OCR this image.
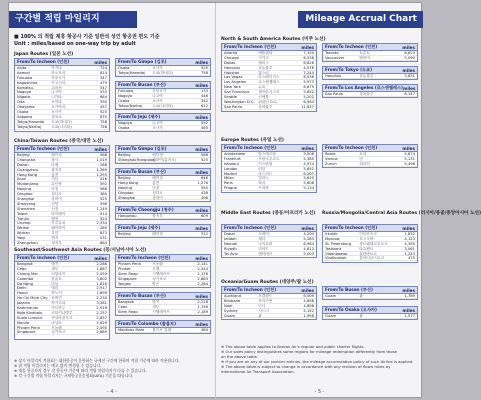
구간별 적립 마일리지
■ 100% 의 적립 제휴 항공사 기준 일반석 성인 항공권 편도 기준
Unit : miles/based on one-way trip by adult
Japan Routes (일본 노선)
China/Taiwan Routes (중국/대만 노선)
Southeast/Southwest Asia Routes (동/서남아시아 노선)
From/To Incheon (인천)	miles
Akita	아키타	724
Aomori	아오모리	814
Fukuoka	후쿠오카	347
Kagoshima	가고시마	479
Komatsu	고마쓰	547
Nagoya	나고야	533
Niigata	니가타	684
Oita	오이타	390
Okayama	오카야마	457
Osaka	오사카	525
Sapporo	삿포로	870
Tokyo(Haneda)	도쿄(하네다)	758
Tokyo(Narita)	도쿄(나리타)	758
From/To Gimpo (김포)	miles
Osaka	오사카	525
Tokyo(Haneda)	도쿄(하네다)	758
From/To Busan (부산)	miles
Fukuoka	후쿠오카	133
Nagoya	나고야	446
Osaka	오사카	342
Tokyo(Narita)	도쿄(나리타)	612
From/To Jeju (제주)	miles
Nagoya	나고야	552
Osaka	오사카	465
From/To Incheon (인천)	miles
Beijing	베이징	568
Changsha	창사	1,019
Dalian	다롄	288
Guangzhou	광저우	1,269
Hong Kong	홍콩	1,293
Jinan	지난	416
Mudanjiang	무단장	592
Nanjing	난징	568
Qingdao	칭다오	360
Shanghai	상하이	525
Shenyang	선양	398
Shenzhen	선전	1,249
Taipei	타이베이	914
Tianjin	톈진	524
Urumqi	우루무치	2,534
Weihai	웨이하이	289
Wuhan	우한	873
Yanji	옌지	531
Zhengzhou	정저우	664
From/To Incheon (인천)	miles
Bangkok	방콕	2,286
Cebu	세부	1,667
Chiang Mai	치앙마이	2,059
Colombo	콜롬보	3,802
Da Nang	다낭	1,816
Delhi	델리	2,917
Hanoi	하노이	1,699
Ho Chi Minh City 호찌민	2,230
Jakarta	자카르타	3,281
Kathmandu	카트만두	2,918
Kota Kinabalu	코타키나발루	2,257
Kuala Lumpur	쿠알라룸푸르	2,857
Manila	마닐라	1,629
Phnom Penh	프놈펜	2,095
Singapore	싱가포르	2,889
From/To Gimpo (김포)	miles
Beijing	베이징	568
Shanghai(Hongqiao)
상하이(훙차오)	525
From/To Busan (부산)	miles
Beijing	베이징	646
Hong Kong	홍콩	1,276
Nanjing	난징	550
Qingdao	칭다오	438
Shanghai	상하이	496
From/To Cheongju (청주)	miles
Hangzhou	항저우	609
From/To Jeju (제주)	miles
Beijing	베이징	712
From/To Incheon (인천)	miles
Phnom Penh	프놈펜	2,141
Phuket	푸껫	2,544
Siem Reap	시엠레아프	2,176
Singapore	싱가포르	2,883
Yangon	양곤	2,284
From/To Busan (부산)	miles
Bangkok	방콕	2,218
Cebu	세부	1,746
Siem Reap	시엠레아프	2,189
From/To Colombo (콜롬보)	miles
Maldives Male	몰디브 말레	484
※ 상기 마일리지 적립표는 대한항공이 운항하는 국제선 구간에 한하며 적립 기준에 따라 적용됩니다.
※ 위 적립 마일리지는 예고 없이 변경될 수 있습니다.
※ 제휴 항공사의 경우 각 항공사 기준에 따라 적립 마일리지가 다를 수 있습니다.
※ 각 구간별 적립 마일리지는 국제항공운송협회(IATA) 기준을 따릅니다.
- 4 -
Mileage Accrual Chart
North & South America Routes (미주 노선)
Europe Routes (유럽 노선)
Middle East Routes (중동/아프리카 노선)	Russia/Mongolia/Central Asia Routes (러시아/몽골/중앙아시아 노선)
Oceania/Guam Routes (대양주/괌 노선)
From/To Incheon (인천)	miles
Atlanta	애틀랜타	7,150
Chicago	시카고	6,538
Dallas	댈러스	6,826
Honolulu	호놀룰루	4,578
Houston	휴스턴	7,244
Las Vegas	라스베이거스	6,036
Los Angeles	로스앤젤레스	5,973
New York	뉴욕	6,879
San Francisco	샌프란시스코	5,652
Seattle	시애틀	5,202
Washington D.C. 워싱턴 D.C.	6,964
Sao Paulo	상파울루	11,637
From/To Incheon (인천)	miles
Toronto	토론토	6,623
Vancouver	밴쿠버	5,090
From/To Tokyo (도쿄)	miles
Honolulu	호놀룰루	3,831
From/To Los Angeles (로스앤젤레스) miles
Sao Paulo	상파울루	6,147
From/To Incheon (인천)	miles
Amsterdam	암스테르담	5,506
Frankfurt	프랑크푸르트	5,385
Istanbul	이스탄불	4,974
London	런던	5,652
Madrid	마드리드	6,207
Milan	밀라노	5,620
Paris	파리	5,608
Prague	프라하	5,134
From/To Incheon (인천)	miles
Rome	로마	5,874
Vienna	빈	5,131
Zurich	취리히	5,496
From/To Incheon (인천)	miles
Dubai	두바이	4,204
Jeddah	제다	5,283
Nairobi	나이로비	6,964
Riyadh	리야드	4,812
Tel Aviv	텔아비브	5,003
From/To Incheon (인천)	miles
Irkutsk	이르쿠츠크	1,832
Moscow	모스크바	4,123
St. Petersburg	상트페테르부르크	4,395
Tashkent	타슈켄트	3,061
Ulaanbaatar	울란바토르	1,243
Vladivostok	블라디보스토크	475
From/To Incheon (인천)	miles
Auckland	오클랜드	6,009
Brisbane	브리즈번	4,898
Nadi	난디	4,898
Sydney	시드니	5,152
Guam	괌	1,998
From/To Busan (부산)	miles
Guam	괌	1,789
From/To Osaka (오사카)	miles
Guam	괌	1,577
※ The above table applies to Korean Air's regular and public charter flights.
※ Our sales policy distinguishes some regions for mileage redemption differently from those
on the above table.
※ If you are on any of our partner airlines, the mileage accumulation policy of such Airline is applied.
※ The above table is subject to change in accordance with any revision of flown miles by
International Air Transport Association.
- 5 -
